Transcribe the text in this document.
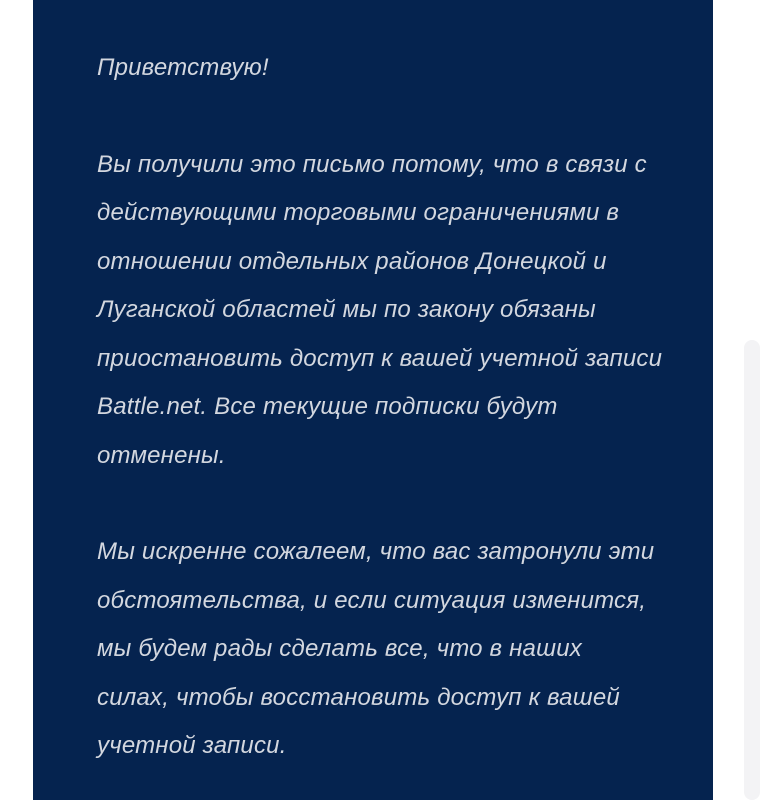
Приветствую!

Вы получили это письмо потому, что в связи с
действующими торговыми ограничениями в
отношении отдельных районов Донецкой и
Луганской областей мы по закону обязаны
приостановить доступ к вашей учетной записи
Battle.net. Все текущие подписки будут
отменены.

Мы искренне сожалеем, что вас затронули эти
обстоятельства, и если ситуация изменится,
мы будем рады сделать все, что в наших
силах, чтобы восстановить доступ к вашей
учетной записи.
